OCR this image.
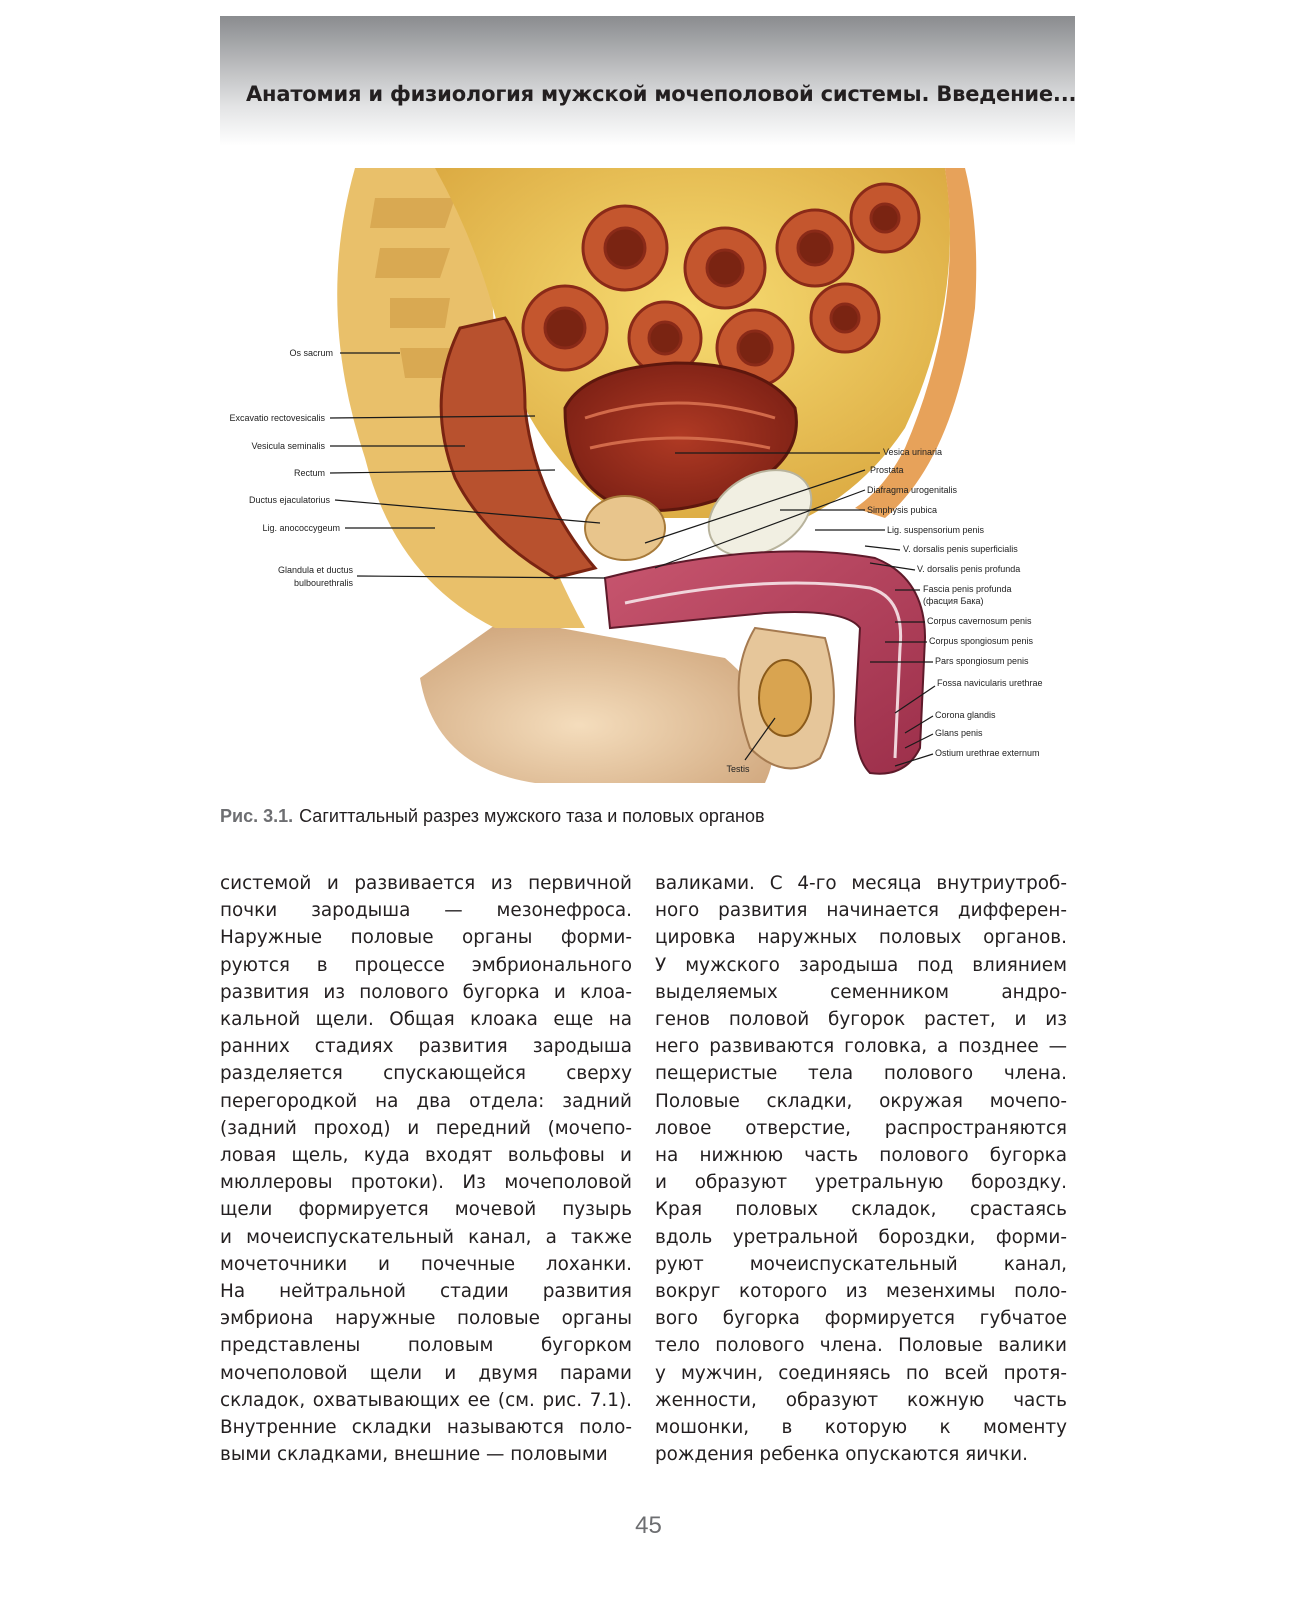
Анатомия и физиология мужской мочеполовой системы. Введение...
Os sacrum
Excavatio rectovesicalis
Vesicula seminalis
Rectum
Ductus ejaculatorius
Lig. anococcygeum
Glandula et ductus
bulbourethralis
Vesica urinaria
Prostata
Diafragma urogenitalis
Simphysis pubica
Lig. suspensorium penis
V. dorsalis penis superficialis
V. dorsalis penis profunda
Fascia penis profunda
(фасция Бака)
Corpus cavernosum penis
Corpus spongiosum penis
Pars spongiosum penis
Fossa navicularis urethrae
Corona glandis
Glans penis
Ostium urethrae externum
Testis
Рис. 3.1. Сагиттальный разрез мужского таза и половых органов
системой и развивается из первичной
почки зародыша — мезонефроса.
Наружные половые органы форми-
руются в процессе эмбрионального
развития из полового бугорка и клоа-
кальной щели. Общая клоака еще на
ранних стадиях развития зародыша
разделяется спускающейся сверху
перегородкой на два отдела: задний
(задний проход) и передний (мочепо-
ловая щель, куда входят вольфовы и
мюллеровы протоки). Из мочеполовой
щели формируется мочевой пузырь
и мочеиспускательный канал, а также
мочеточники и почечные лоханки.
На нейтральной стадии развития
эмбриона наружные половые органы
представлены половым бугорком
мочеполовой щели и двумя парами
складок, охватывающих ее (см. рис. 7.1).
Внутренние складки называются поло-
выми складками, внешние — половыми
валиками. С 4-го месяца внутриутроб-
ного развития начинается дифферен-
цировка наружных половых органов.
У мужского зародыша под влиянием
выделяемых семенником андро-
генов половой бугорок растет, и из
него развиваются головка, а позднее —
пещеристые тела полового члена.
Половые складки, окружая мочепо-
ловое отверстие, распространяются
на нижнюю часть полового бугорка
и образуют уретральную бороздку.
Края половых складок, срастаясь
вдоль уретральной бороздки, форми-
руют мочеиспускательный канал,
вокруг которого из мезенхимы поло-
вого бугорка формируется губчатое
тело полового члена. Половые валики
у мужчин, соединяясь по всей протя-
женности, образуют кожную часть
мошонки, в которую к моменту
рождения ребенка опускаются яички.
45
